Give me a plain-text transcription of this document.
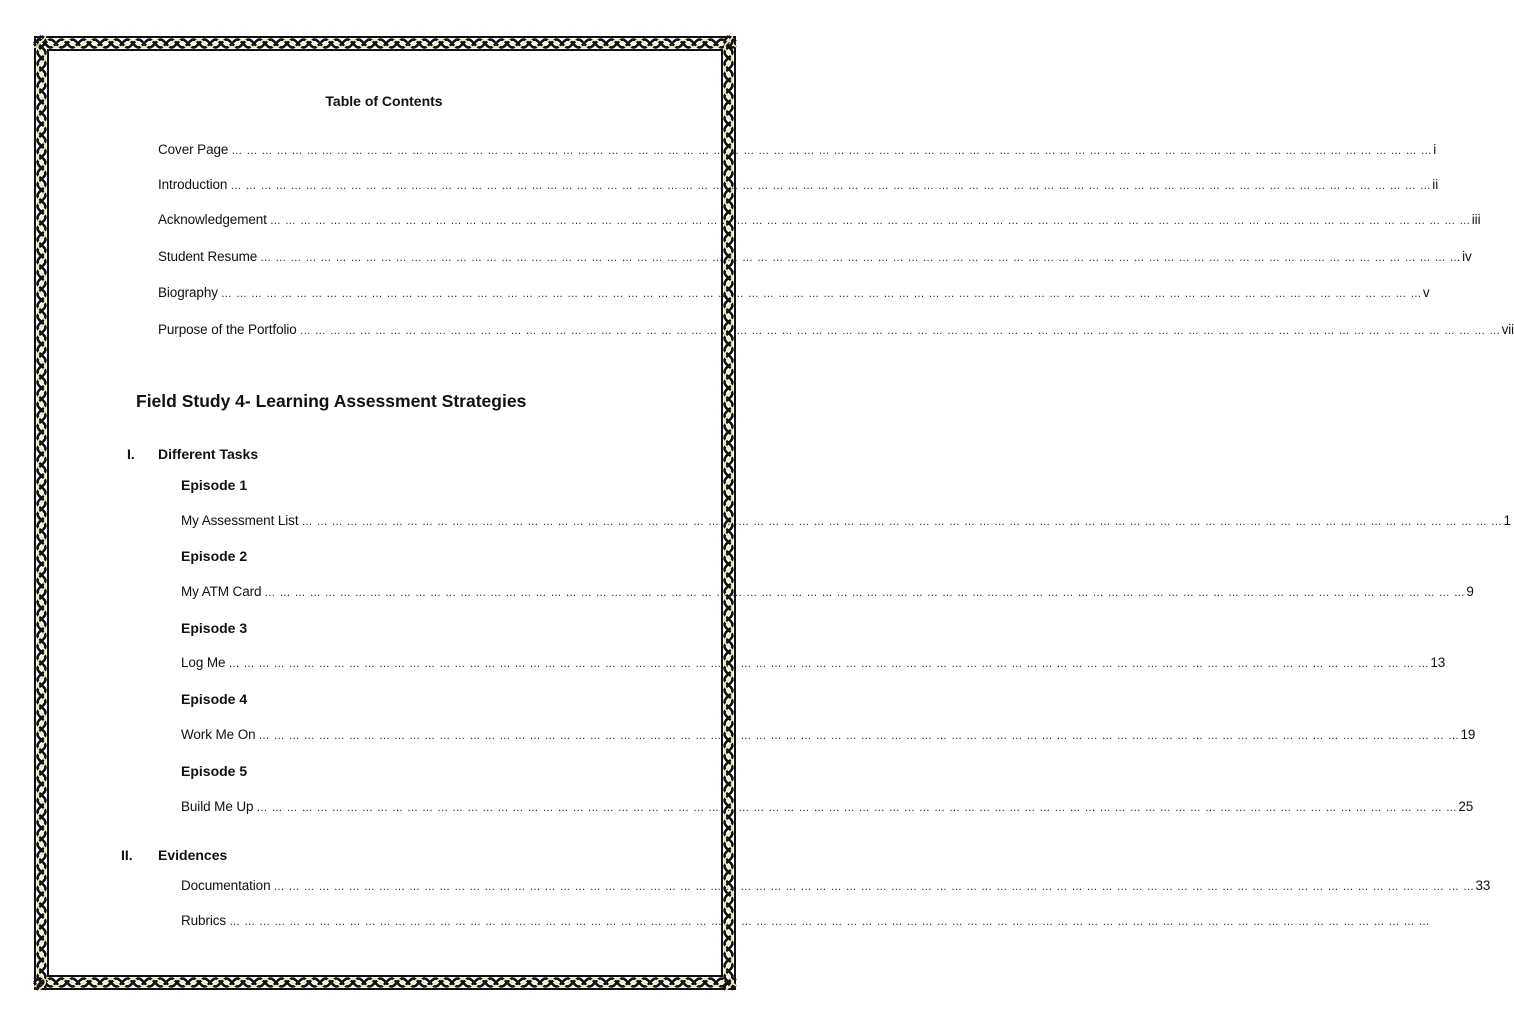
Table of Contents
Cover Page … … … … … … … … … … … … … … … … … … … … … … … … … … … … … … … … … … … … … … … … … … … … … … … … … … … … … … … … … … … … … … … … … … … … … … … … … … … … … … … … i
Introduction … … … … … … … … … … … … … … … … … … … … … … … … … … … … … … … … … … … … … … … … … … … … … … … … … … … … … … … … … … … … … … … … … … … … … … … … … … … … … … … … ii
Acknowledgement … … … … … … … … … … … … … … … … … … … … … … … … … … … … … … … … … … … … … … … … … … … … … … … … … … … … … … … … … … … … … … … … … … … … … … … … … … … … … … … … iii
Student Resume … … … … … … … … … … … … … … … … … … … … … … … … … … … … … … … … … … … … … … … … … … … … … … … … … … … … … … … … … … … … … … … … … … … … … … … … … … … … … … … … iv
Biography … … … … … … … … … … … … … … … … … … … … … … … … … … … … … … … … … … … … … … … … … … … … … … … … … … … … … … … … … … … … … … … … … … … … … … … … … … … … … … … … v
Purpose of the Portfolio … … … … … … … … … … … … … … … … … … … … … … … … … … … … … … … … … … … … … … … … … … … … … … … … … … … … … … … … … … … … … … … … … … … … … … … … … … … … … … … … vii
Field Study 4- Learning Assessment Strategies
I. Different Tasks
Episode 1
My Assessment List … … … … … … … … … … … … … … … … … … … … … … … … … … … … … … … … … … … … … … … … … … … … … … … … … … … … … … … … … … … … … … … … … … … … … … … … … … … … … … … … 1
Episode 2
My ATM Card … … … … … … … … … … … … … … … … … … … … … … … … … … … … … … … … … … … … … … … … … … … … … … … … … … … … … … … … … … … … … … … … … … … … … … … … … … … … … … … … 9
Episode 3
Log Me … … … … … … … … … … … … … … … … … … … … … … … … … … … … … … … … … … … … … … … … … … … … … … … … … … … … … … … … … … … … … … … … … … … … … … … … … … … … … … … … 13
Episode 4
Work Me On … … … … … … … … … … … … … … … … … … … … … … … … … … … … … … … … … … … … … … … … … … … … … … … … … … … … … … … … … … … … … … … … … … … … … … … … … … … … … … … … 19
Episode 5
Build Me Up … … … … … … … … … … … … … … … … … … … … … … … … … … … … … … … … … … … … … … … … … … … … … … … … … … … … … … … … … … … … … … … … … … … … … … … … … … … … … … … … 25
II. Evidences
Documentation … … … … … … … … … … … … … … … … … … … … … … … … … … … … … … … … … … … … … … … … … … … … … … … … … … … … … … … … … … … … … … … … … … … … … … … … … … … … … … … … 33
Rubrics … … … … … … … … … … … … … … … … … … … … … … … … … … … … … … … … … … … … … … … … … … … … … … … … … … … … … … … … … … … … … … … … … … … … … … … … … … … … … … … …
